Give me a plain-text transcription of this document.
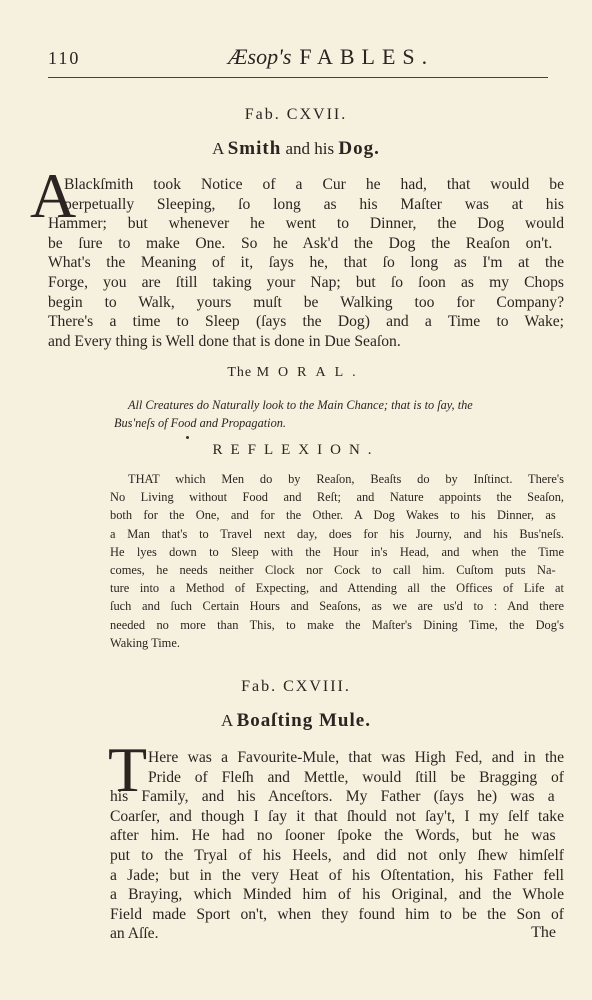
110	Æsop's FABLES.
Fab. CXVII.
A Smith and his Dog.
A
Blackſmith took Notice of a Cur he had, that would be
perpetually Sleeping, ſo long as his Maſter was at his
Hammer; but whenever he went to Dinner, the Dog would
be ſure to make One. So he Ask'd the Dog the Reaſon on't.
What's the Meaning of it, ſays he, that ſo long as I'm at the
Forge, you are ſtill taking your Nap; but ſo ſoon as my Chops
begin to Walk, yours muſt be Walking too for Company?
There's a time to Sleep (ſays the Dog) and a Time to Wake;
and Every thing is Well done that is done in Due Seaſon.
The MORAL.
All Creatures do Naturally look to the Main Chance; that is to ſay, the
Bus'neſs of Food and Propagation.
REFLEXION.
THAT which Men do by Reaſon, Beaſts do by Inſtinct. There's
No Living without Food and Reſt; and Nature appoints the Seaſon,
both for the One, and for the Other. A Dog Wakes to his Dinner, as
a Man that's to Travel next day, does for his Journy, and his Bus'neſs.
He lyes down to Sleep with the Hour in's Head, and when the Time
comes, he needs neither Clock nor Cock to call him. Cuſtom puts Na-
ture into a Method of Expecting, and Attending all the Offices of Life at
ſuch and ſuch Certain Hours and Seaſons, as we are us'd to : And there
needed no more than This, to make the Maſter's Dining Time, the Dog's
Waking Time.
Fab. CXVIII.
A Boaſting Mule.
T Here was a Favourite-Mule, that was High Fed, and in the
Pride of Fleſh and Mettle, would ſtill be Bragging of
his Family, and his Anceſtors. My Father (ſays he) was a
Coarſer, and though I ſay it that ſhould not ſay't, I my ſelf take
after him. He had no ſooner ſpoke the Words, but he was
put to the Tryal of his Heels, and did not only ſhew himſelf
a Jade; but in the very Heat of his Oſtentation, his Father fell
a Braying, which Minded him of his Original, and the Whole
Field made Sport on't, when they found him to be the Son of
an Aſſe.	The
